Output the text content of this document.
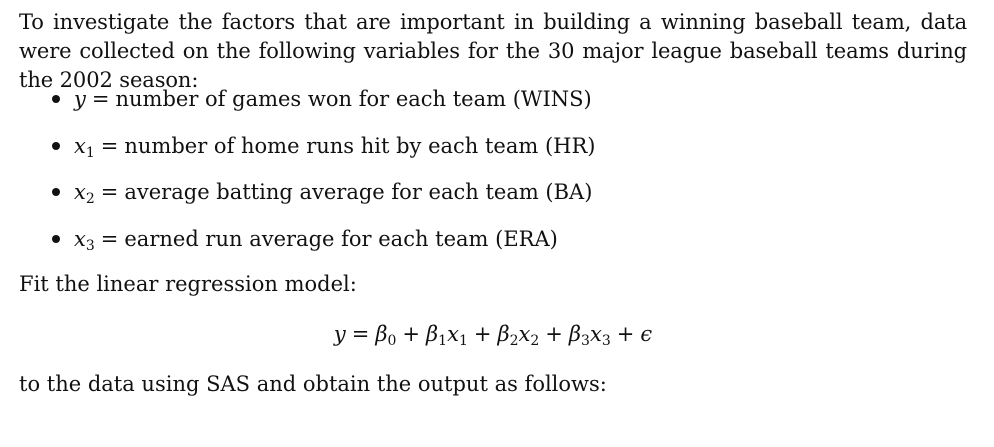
To investigate the factors that are important in building a winning baseball team, data were collected on the following variables for the 30 major league baseball teams during the 2002 season:

y = number of games won for each team (WINS)
$x_1$ = number of home runs hit by each team (HR)
$x_2$ = average batting average for each team (BA)
$x_3$ = earned run average for each team (ERA)

Fit the linear regression model:

$y = \beta_0 + \beta_1x_1 + \beta_2x_2 + \beta_3x_3 + \epsilon$

to the data using SAS and obtain the output as follows:
